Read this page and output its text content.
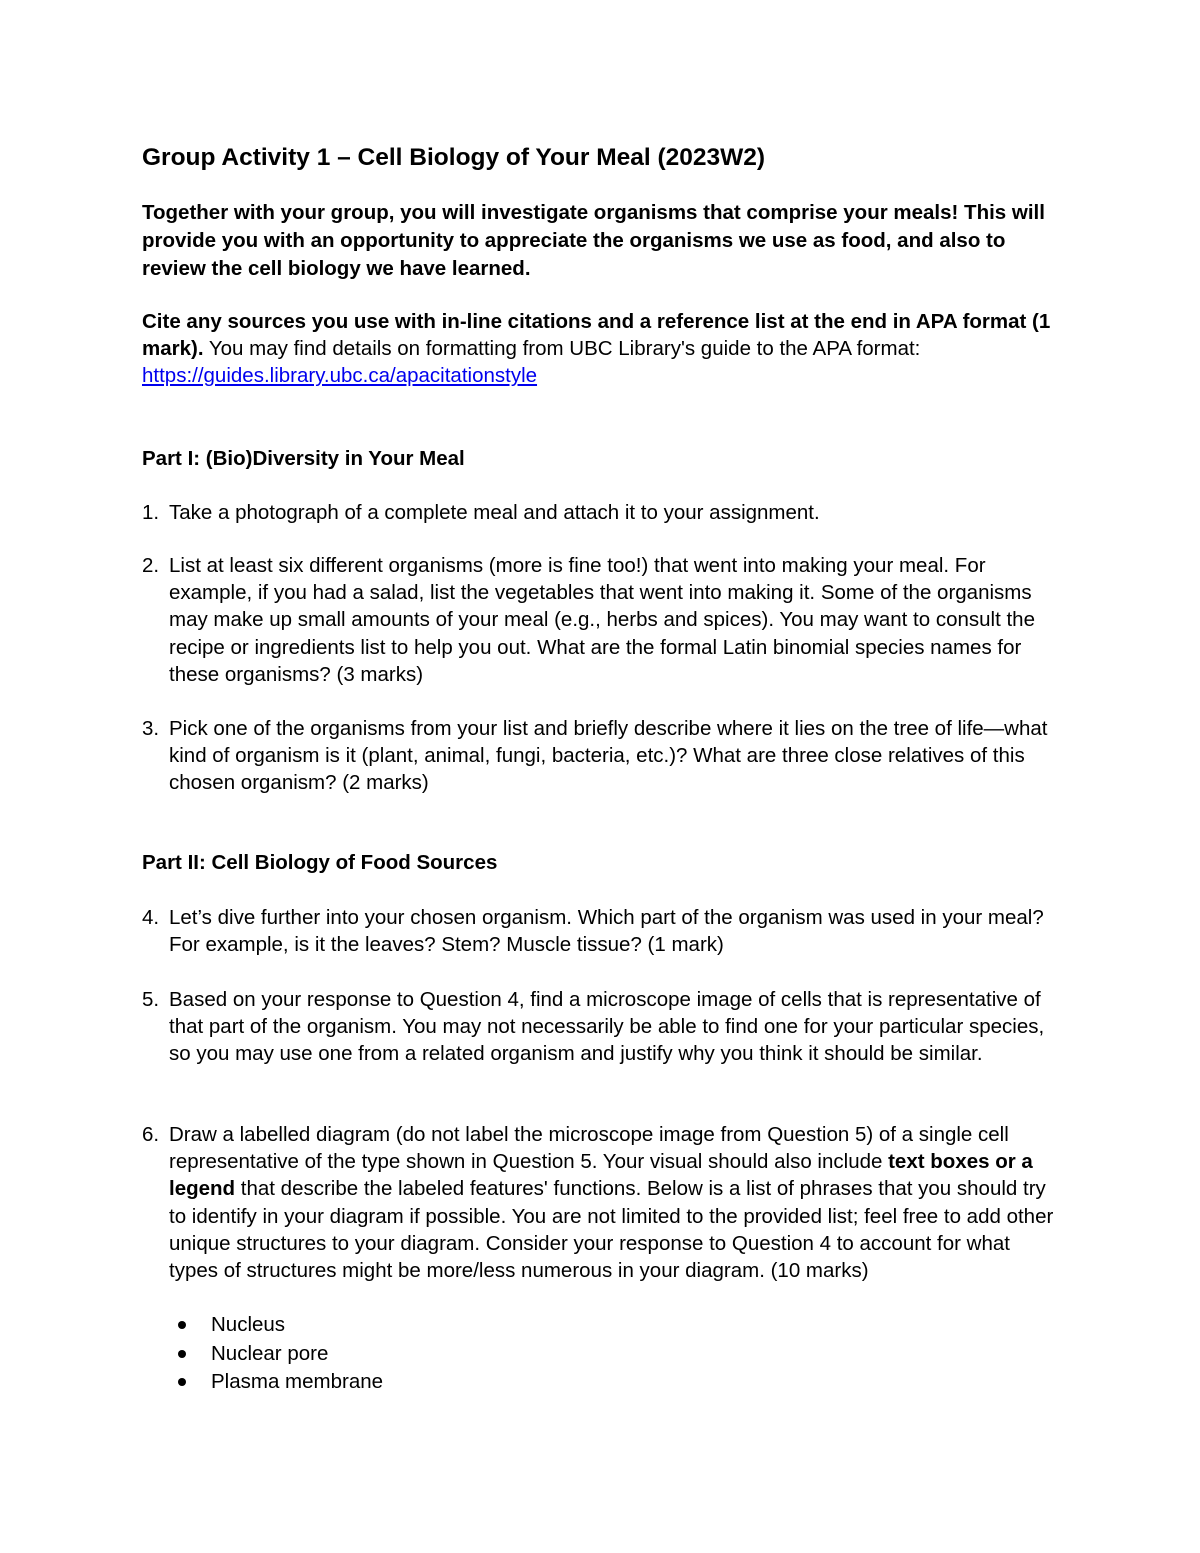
Group Activity 1 – Cell Biology of Your Meal (2023W2)

Together with your group, you will investigate organisms that comprise your meals! This will provide you with an opportunity to appreciate the organisms we use as food, and also to review the cell biology we have learned.

Cite any sources you use with in-line citations and a reference list at the end in APA format (1 mark). You may find details on formatting from UBC Library's guide to the APA format: https://guides.library.ubc.ca/apacitationstyle

Part I: (Bio)Diversity in Your Meal
1. Take a photograph of a complete meal and attach it to your assignment.
2. List at least six different organisms (more is fine too!) that went into making your meal. For example, if you had a salad, list the vegetables that went into making it. Some of the organisms may make up small amounts of your meal (e.g., herbs and spices). You may want to consult the recipe or ingredients list to help you out. What are the formal Latin binomial species names for these organisms? (3 marks)
3. Pick one of the organisms from your list and briefly describe where it lies on the tree of life—what kind of organism is it (plant, animal, fungi, bacteria, etc.)? What are three close relatives of this chosen organism? (2 marks)
Part II: Cell Biology of Food Sources
4. Let’s dive further into your chosen organism. Which part of the organism was used in your meal? For example, is it the leaves? Stem? Muscle tissue? (1 mark)
5. Based on your response to Question 4, find a microscope image of cells that is representative of that part of the organism. You may not necessarily be able to find one for your particular species, so you may use one from a related organism and justify why you think it should be similar.
6. Draw a labelled diagram (do not label the microscope image from Question 5) of a single cell representative of the type shown in Question 5. Your visual should also include text boxes or a legend that describe the labeled features' functions. Below is a list of phrases that you should try to identify in your diagram if possible. You are not limited to the provided list; feel free to add other unique structures to your diagram. Consider your response to Question 4 to account for what types of structures might be more/less numerous in your diagram. (10 marks)
Nucleus
Nuclear pore
Plasma membrane
